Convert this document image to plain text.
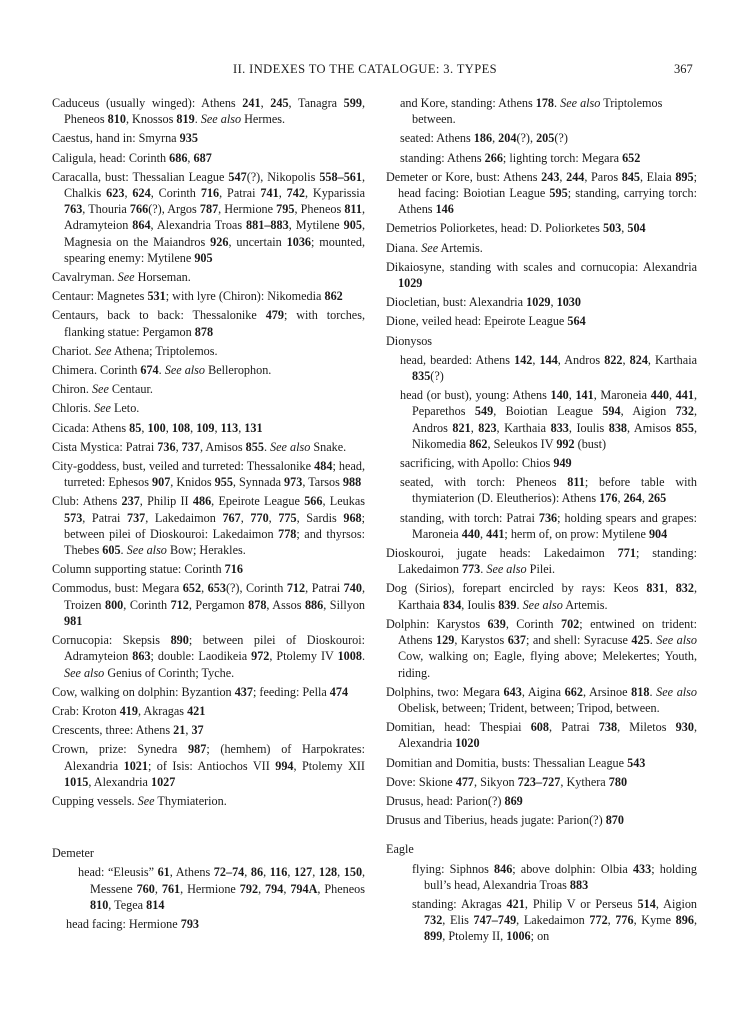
II. INDEXES TO THE CATALOGUE: 3. TYPES	367
Caduceus (usually winged): Athens 241, 245, Tanagra 599, Pheneos 810, Knossos 819. See also Hermes.
Caestus, hand in: Smyrna 935
Caligula, head: Corinth 686, 687
Caracalla, bust: Thessalian League 547(?), Nikopolis 558–561, Chalkis 623, 624, Corinth 716, Patrai 741, 742, Kyparissia 763, Thouria 766(?), Argos 787, Hermione 795, Pheneos 811, Adramyteion 864, Alexandria Troas 881–883, Mytilene 905, Magnesia on the Maiandros 926, uncertain 1036; mounted, spearing enemy: Mytilene 905
Cavalryman. See Horseman.
Centaur: Magnetes 531; with lyre (Chiron): Nikomedia 862
Centaurs, back to back: Thessalonike 479; with torches, flanking statue: Pergamon 878
Chariot. See Athena; Triptolemos.
Chimera. Corinth 674. See also Bellerophon.
Chiron. See Centaur.
Chloris. See Leto.
Cicada: Athens 85, 100, 108, 109, 113, 131
Cista Mystica: Patrai 736, 737, Amisos 855. See also Snake.
City-goddess, bust, veiled and turreted: Thessalonike 484; head, turreted: Ephesos 907, Knidos 955, Synnada 973, Tarsos 988
Club: Athens 237, Philip II 486, Epeirote League 566, Leukas 573, Patrai 737, Lakedaimon 767, 770, 775, Sardis 968; between pilei of Dioskouroi: Lakedaimon 778; and thyrsos: Thebes 605. See also Bow; Herakles.
Column supporting statue: Corinth 716
Commodus, bust: Megara 652, 653(?), Corinth 712, Patrai 740, Troizen 800, Corinth 712, Pergamon 878, Assos 886, Sillyon 981
Cornucopia: Skepsis 890; between pilei of Dioskouroi: Adramyteion 863; double: Laodikeia 972, Ptolemy IV 1008. See also Genius of Corinth; Tyche.
Cow, walking on dolphin: Byzantion 437; feeding: Pella 474
Crab: Kroton 419, Akragas 421
Crescents, three: Athens 21, 37
Crown, prize: Synedra 987; (hemhem) of Harpokrates: Alexandria 1021; of Isis: Antiochos VII 994, Ptolemy XII 1015, Alexandria 1027
Cupping vessels. See Thymiaterion.
Demeter
head: “Eleusis” 61, Athens 72–74, 86, 116, 127, 128, 150, Messene 760, 761, Hermione 792, 794, 794A, Pheneos 810, Tegea 814
head facing: Hermione 793
and Kore, standing: Athens 178. See also Triptolemos between.
seated: Athens 186, 204(?), 205(?)
standing: Athens 266; lighting torch: Megara 652
Demeter or Kore, bust: Athens 243, 244, Paros 845, Elaia 895; head facing: Boiotian League 595; standing, carrying torch: Athens 146
Demetrios Poliorketes, head: D. Poliorketes 503, 504
Diana. See Artemis.
Dikaiosyne, standing with scales and cornucopia: Alexandria 1029
Diocletian, bust: Alexandria 1029, 1030
Dione, veiled head: Epeirote League 564
Dionysos
head, bearded: Athens 142, 144, Andros 822, 824, Karthaia 835(?)
head (or bust), young: Athens 140, 141, Maroneia 440, 441, Peparethos 549, Boiotian League 594, Aigion 732, Andros 821, 823, Karthaia 833, Ioulis 838, Amisos 855, Nikomedia 862, Seleukos IV 992 (bust)
sacrificing, with Apollo: Chios 949
seated, with torch: Pheneos 811; before table with thymiaterion (D. Eleutherios): Athens 176, 264, 265
standing, with torch: Patrai 736; holding spears and grapes: Maroneia 440, 441; herm of, on prow: Mytilene 904
Dioskouroi, jugate heads: Lakedaimon 771; standing: Lakedaimon 773. See also Pilei.
Dog (Sirios), forepart encircled by rays: Keos 831, 832, Karthaia 834, Ioulis 839. See also Artemis.
Dolphin: Karystos 639, Corinth 702; entwined on trident: Athens 129, Karystos 637; and shell: Syracuse 425. See also Cow, walking on; Eagle, flying above; Melekertes; Youth, riding.
Dolphins, two: Megara 643, Aigina 662, Arsinoe 818. See also Obelisk, between; Trident, between; Tripod, between.
Domitian, head: Thespiai 608, Patrai 738, Miletos 930, Alexandria 1020
Domitian and Domitia, busts: Thessalian League 543
Dove: Skione 477, Sikyon 723–727, Kythera 780
Drusus, head: Parion(?) 869
Drusus and Tiberius, heads jugate: Parion(?) 870
Eagle
flying: Siphnos 846; above dolphin: Olbia 433; holding bull’s head, Alexandria Troas 883
standing: Akragas 421, Philip V or Perseus 514, Aigion 732, Elis 747–749, Lakedaimon 772, 776, Kyme 896, 899, Ptolemy II, 1006; on
